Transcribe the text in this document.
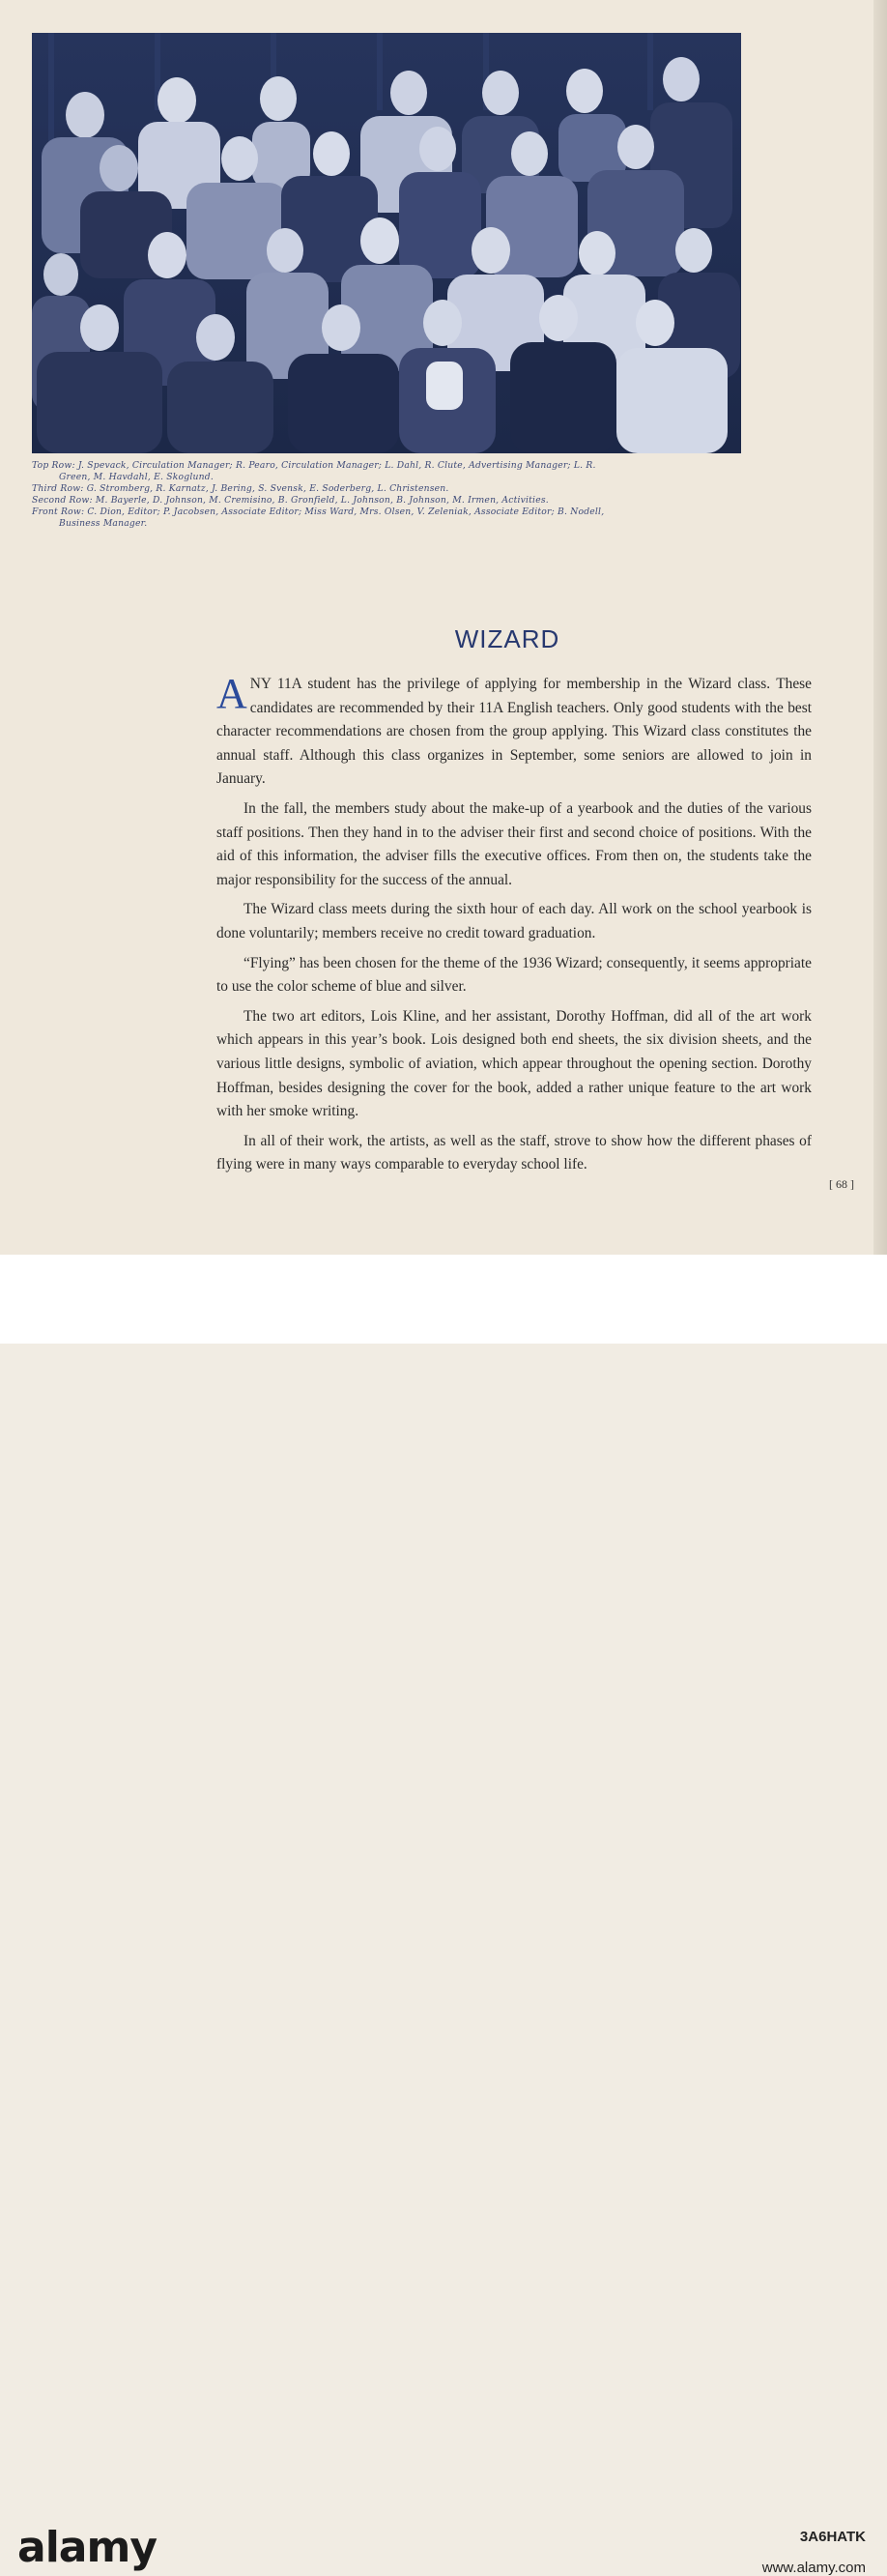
Top Row: J. Spevack, Circulation Manager; R. Pearo, Circulation Manager; L. Dahl, R. Clute, Advertising Manager; L. R.

Green, M. Havdahl, E. Skoglund.

Third Row: G. Stromberg, R. Karnatz, J. Bering, S. Svensk, E. Soderberg, L. Christensen.

Second Row: M. Bayerle, D. Johnson, M. Cremisino, B. Gronfield, L. Johnson, B. Johnson, M. Irmen, Activities.

Front Row: C. Dion, Editor; P. Jacobsen, Associate Editor; Miss Ward, Mrs. Olsen, V. Zeleniak, Associate Editor; B. Nodell,

Business Manager.

WIZARD

ANY 11A student has the privilege of applying for membership in the Wizard class. These candidates are recommended by their 11A English teachers. Only good students with the best character recommendations are chosen from the group applying. This Wizard class constitutes the annual staff. Although this class organizes in September, some seniors are allowed to join in January.

In the fall, the members study about the make-up of a yearbook and the duties of the various staff positions. Then they hand in to the adviser their first and second choice of positions. With the aid of this information, the adviser fills the executive offices. From then on, the students take the major responsibility for the success of the annual.

The Wizard class meets during the sixth hour of each day. All work on the school yearbook is done voluntarily; members receive no credit toward graduation.

“Flying” has been chosen for the theme of the 1936 Wizard; consequently, it seems appropriate to use the color scheme of blue and silver.

The two art editors, Lois Kline, and her assistant, Dorothy Hoffman, did all of the art work which appears in this year’s book. Lois designed both end sheets, the six division sheets, and the various little designs, symbolic of aviation, which appear throughout the opening section. Dorothy Hoffman, besides designing the cover for the book, added a rather unique feature to the art work with her smoke writing.

In all of their work, the artists, as well as the staff, strove to show how the different phases of flying were in many ways comparable to everyday school life.

[ 68 ]
alamy	3A6HATK
www.alamy.com
